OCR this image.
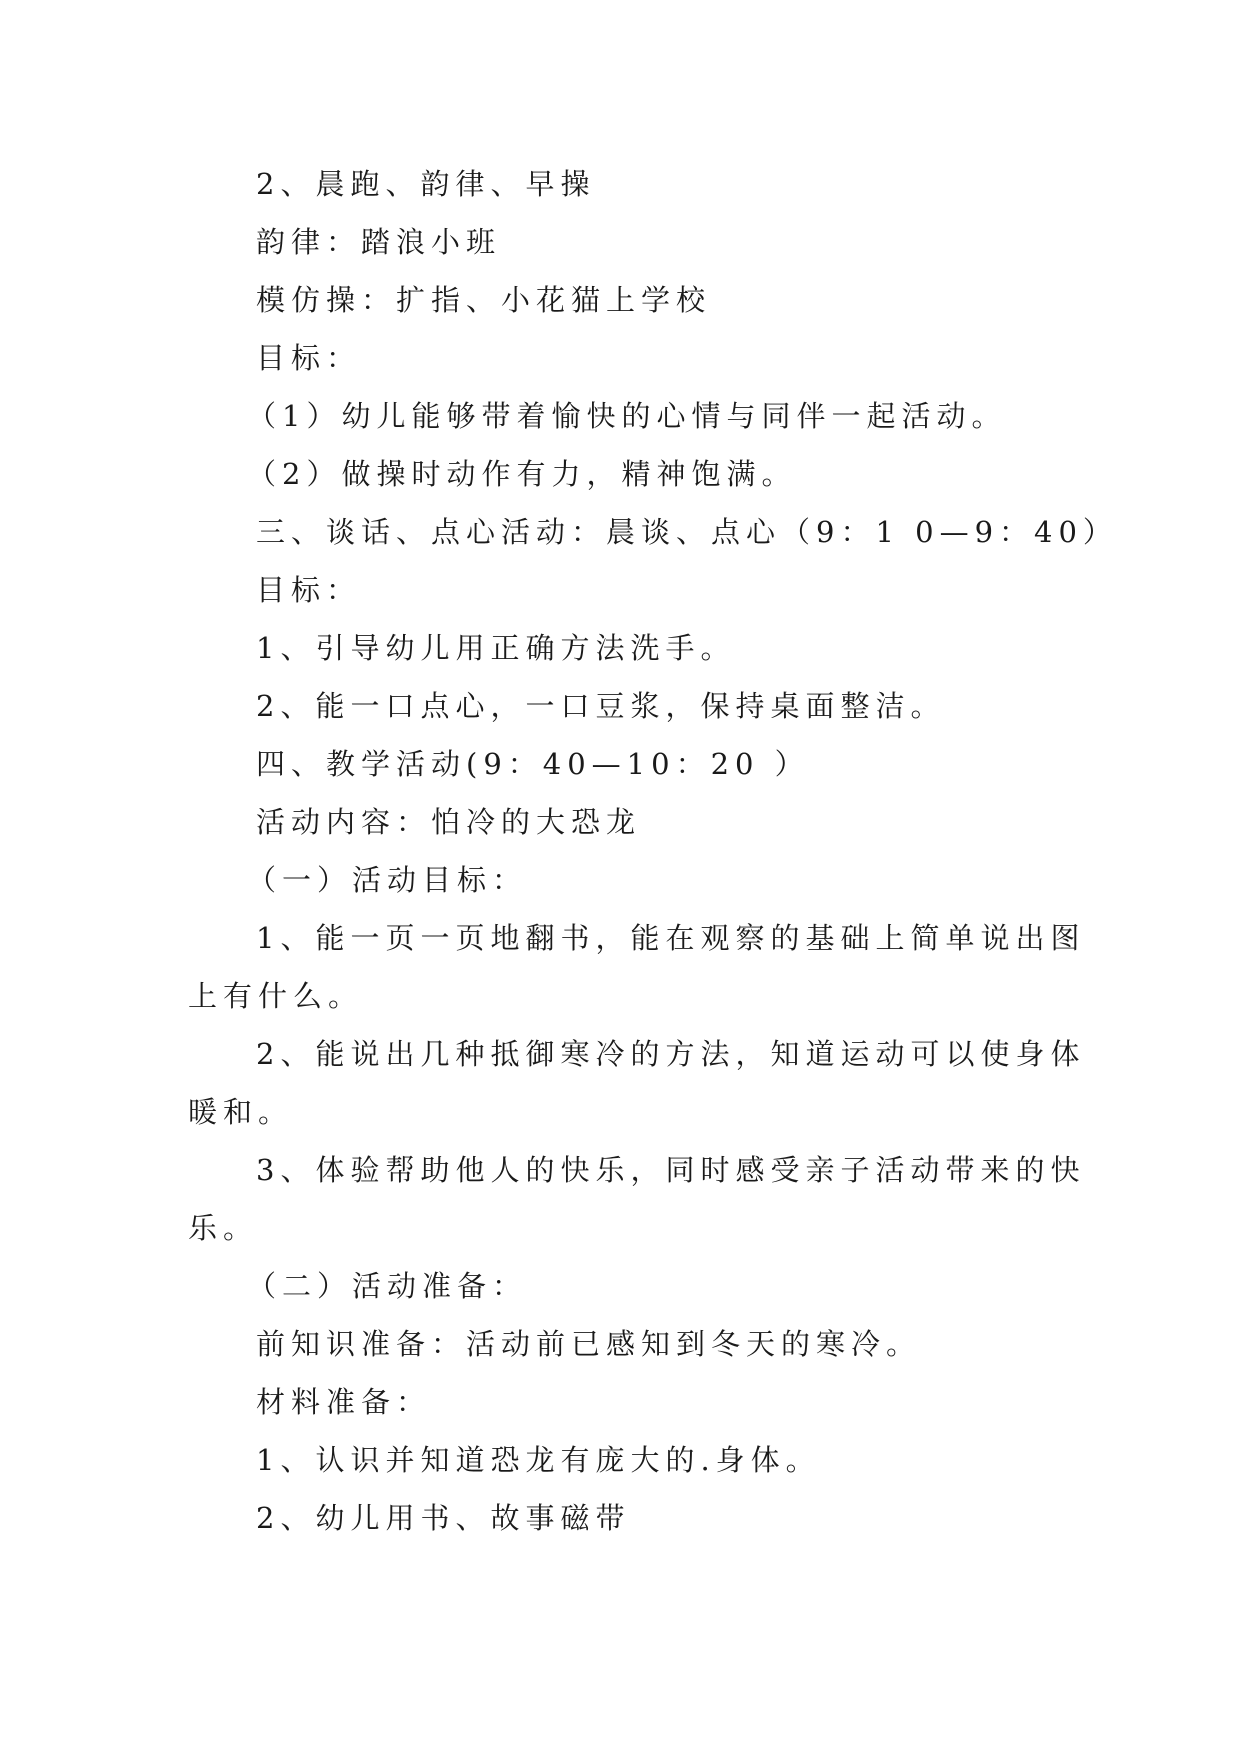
2、晨跑、韵律、早操
韵律：踏浪小班
模仿操：扩指、小花猫上学校
目标：
（1）幼儿能够带着愉快的心情与同伴一起活动。
（2）做操时动作有力，精神饱满。
三、谈话、点心活动：晨谈、点心（9：1 0—9：40）
目标：
1、引导幼儿用正确方法洗手。
2、能一口点心，一口豆浆，保持桌面整洁。
四、教学活动(9：40—10：20 ）
活动内容：怕冷的大恐龙
（一）活动目标：
1、能一页一页地翻书，能在观察的基础上简单说出图
上有什么。
2、能说出几种抵御寒冷的方法，知道运动可以使身体
暖和。
3、体验帮助他人的快乐，同时感受亲子活动带来的快
乐。
（二）活动准备：
前知识准备：活动前已感知到冬天的寒冷。
材料准备：
1、认识并知道恐龙有庞大的.身体。
2、幼儿用书、故事磁带
